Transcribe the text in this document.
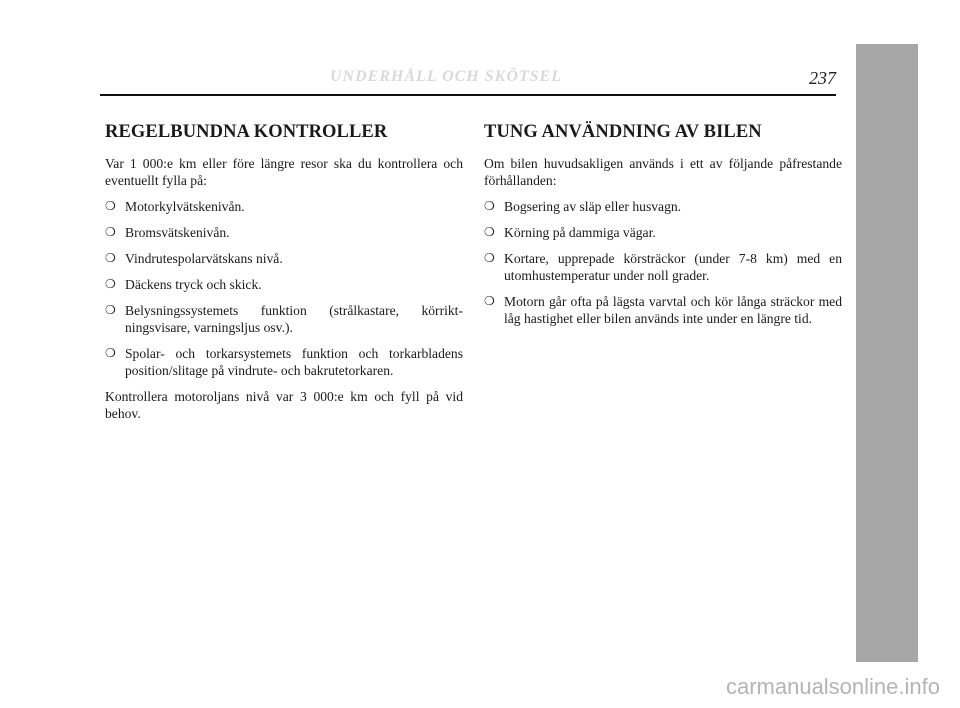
UNDERHÅLL OCH SKÖTSEL	237
REGELBUNDNA KONTROLLER

Var 1 000:e km eller före längre resor ska du kontrollera och eventuellt fylla på:

❍ Motorkylvätskenivån.
❍ Bromsvätskenivån.
❍ Vindrutespolarvätskans nivå.
❍ Däckens tryck och skick.
❍ Belysningssystemets funktion (strålkastare, körriktningsvisare, varningsljus osv.).
❍ Spolar- och torkarsystemets funktion och torkarbladens position/slitage på vindrute- och bakrutetorkaren.

Kontrollera motoroljans nivå var 3 000:e km och fyll på vid behov.

TUNG ANVÄNDNING AV BILEN

Om bilen huvudsakligen används i ett av följande påfrestande förhållanden:

❍ Bogsering av släp eller husvagn.
❍ Körning på dammiga vägar.
❍ Kortare, upprepade körsträckor (under 7-8 km) med en utomhustemperatur under noll grader.
❍ Motorn går ofta på lägsta varvtal och kör långa sträckor med låg hastighet eller bilen används inte under en längre tid.
carmanualsonline.info
